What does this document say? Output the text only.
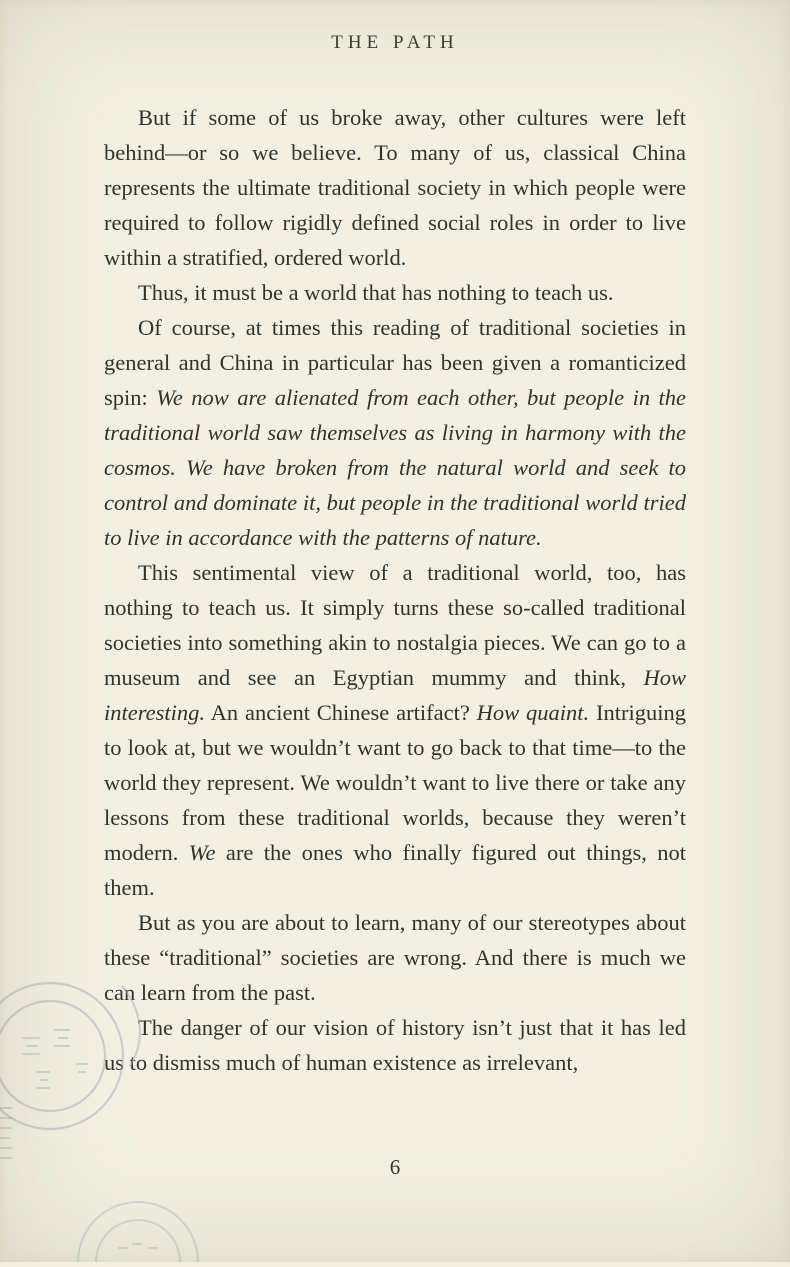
THE PATH

But if some of us broke away, other cultures were left behind—or so we believe. To many of us, classical China represents the ultimate traditional society in which people were required to follow rigidly defined social roles in order to live within a stratified, ordered world.

Thus, it must be a world that has nothing to teach us.

Of course, at times this reading of traditional societies in general and China in particular has been given a romanticized spin: We now are alienated from each other, but people in the traditional world saw themselves as living in harmony with the cosmos. We have broken from the natural world and seek to control and dominate it, but people in the traditional world tried to live in accordance with the patterns of nature.

This sentimental view of a traditional world, too, has nothing to teach us. It simply turns these so-called traditional societies into something akin to nostalgia pieces. We can go to a museum and see an Egyptian mummy and think, How interesting. An ancient Chinese artifact? How quaint. Intriguing to look at, but we wouldn’t want to go back to that time—to the world they represent. We wouldn’t want to live there or take any lessons from these traditional worlds, because they weren’t modern. We are the ones who finally figured out things, not them.

But as you are about to learn, many of our stereotypes about these “traditional” societies are wrong. And there is much we can learn from the past.

The danger of our vision of history isn’t just that it has led us to dismiss much of human existence as irrelevant,

6
